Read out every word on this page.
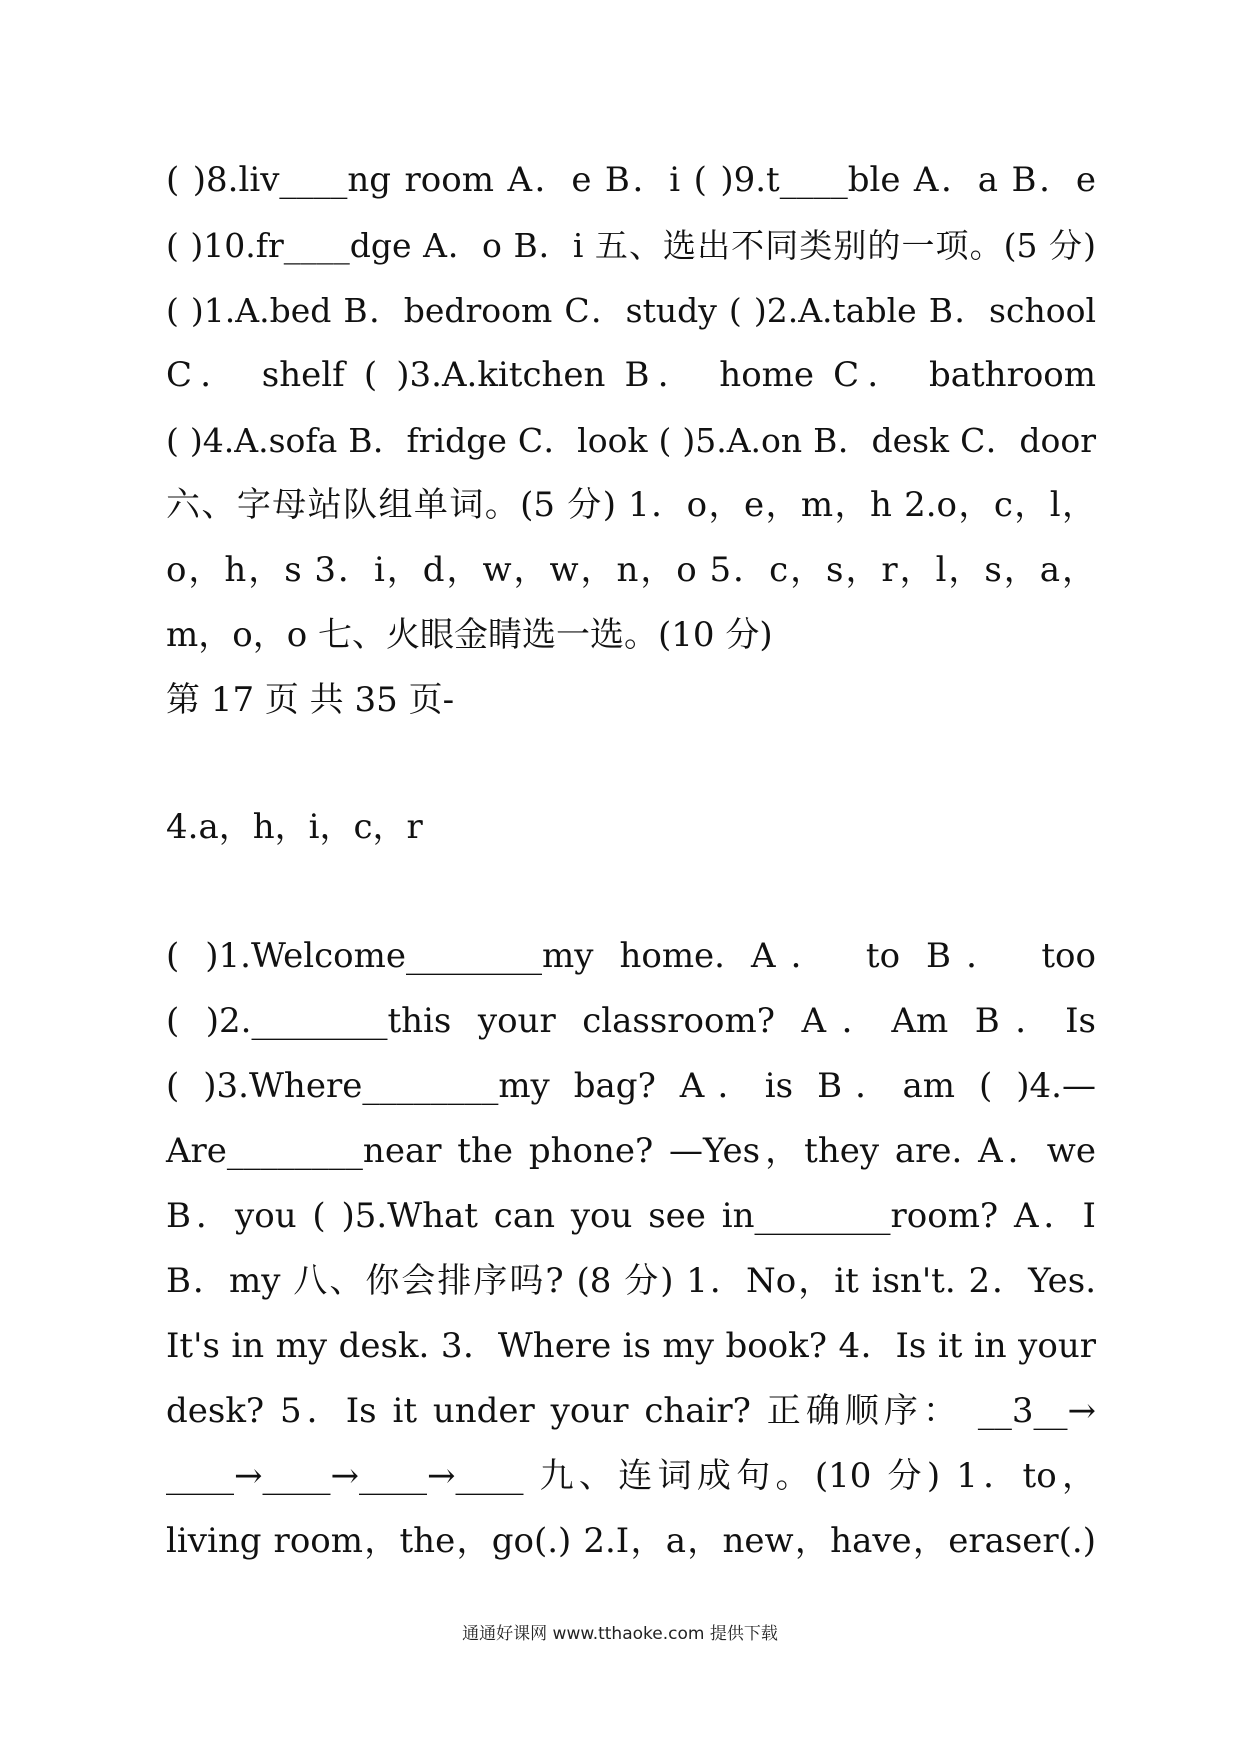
( )8.liv____ng room A．e B．i ( )9.t____ble A．a B．e
( )10.fr____dge A．o B．i 五、选出不同类别的一项。(5 分)
( )1.A.bed B．bedroom C．study ( )2.A.table B．school
C． shelf ( )3.A.kitchen B． home C． bathroom
( )4.A.sofa B．fridge C．look ( )5.A.on B．desk C．door
六、字母站队组单词。(5 分) 1．o，e，m，h 2.o，c，l，
o，h，s 3．i，d，w，w，n，o 5．c，s，r，l，s，a，
m，o，o 七、火眼金睛选一选。(10 分)
第 17 页 共 35 页-
4.a，h，i，c，r
( )1.Welcome________my home. A． to B． too
( )2.________this your classroom? A．Am B．Is
( )3.Where________my bag? A．is B．am ( )4.—
Are________near the phone? —Yes，they are. A．we
B．you ( )5.What can you see in________room? A．I
B．my 八、你会排序吗? (8 分) 1．No，it isn't. 2．Yes.
It's in my desk. 3．Where is my book? 4．Is it in your
desk? 5．Is it under your chair? 正确顺序： __3__→
____→____→____→____ 九、连词成句。(10 分) 1．to，
living room，the，go(.) 2.I，a，new，have，eraser(.)
通通好课网 www.tthaoke.com 提供下载
